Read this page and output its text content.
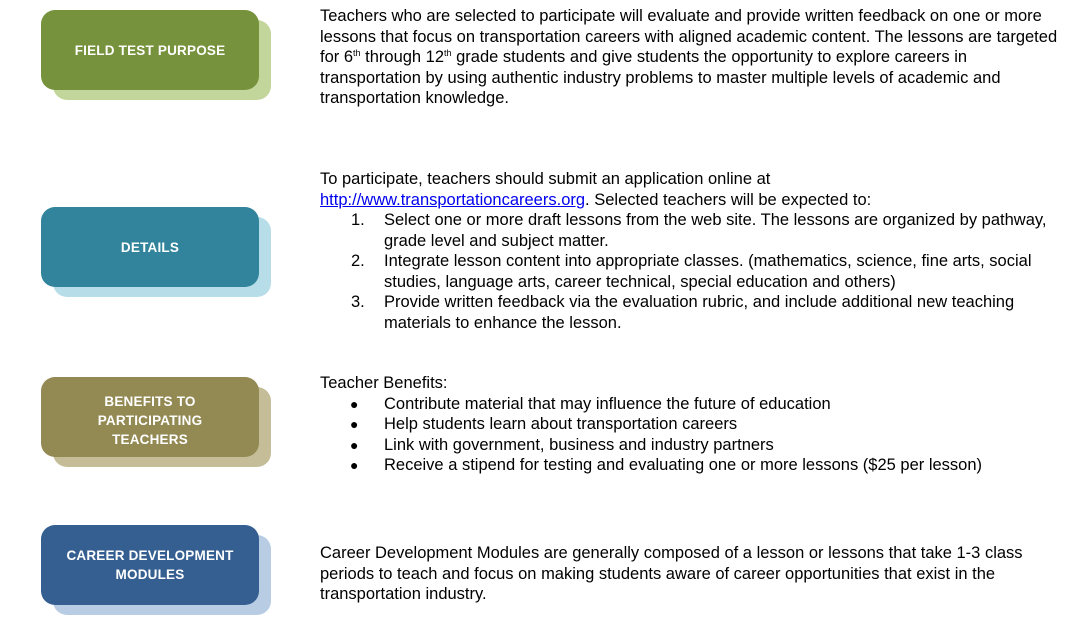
FIELD TEST PURPOSE

Teachers who are selected to participate will evaluate and provide written feedback on one or more lessons that focus on transportation careers with aligned academic content. The lessons are targeted for 6th through 12th grade students and give students the opportunity to explore careers in transportation by using authentic industry problems to master multiple levels of academic and transportation knowledge.

DETAILS

To participate, teachers should submit an application online at
http://www.transportationcareers.org. Selected teachers will be expected to:

1. Select one or more draft lessons from the web site. The lessons are organized by pathway, grade level and subject matter.
2. Integrate lesson content into appropriate classes. (mathematics, science, fine arts, social studies, language arts, career technical, special education and others)
3. Provide written feedback via the evaluation rubric, and include additional new teaching materials to enhance the lesson.
BENEFITS TO
PARTICIPATING
TEACHERS

Teacher Benefits:

● Contribute material that may influence the future of education
● Help students learn about transportation careers
● Link with government, business and industry partners
● Receive a stipend for testing and evaluating one or more lessons ($25 per lesson)
CAREER DEVELOPMENT
MODULES

Career Development Modules are generally composed of a lesson or lessons that take 1-3 class periods to teach and focus on making students aware of career opportunities that exist in the transportation industry.
